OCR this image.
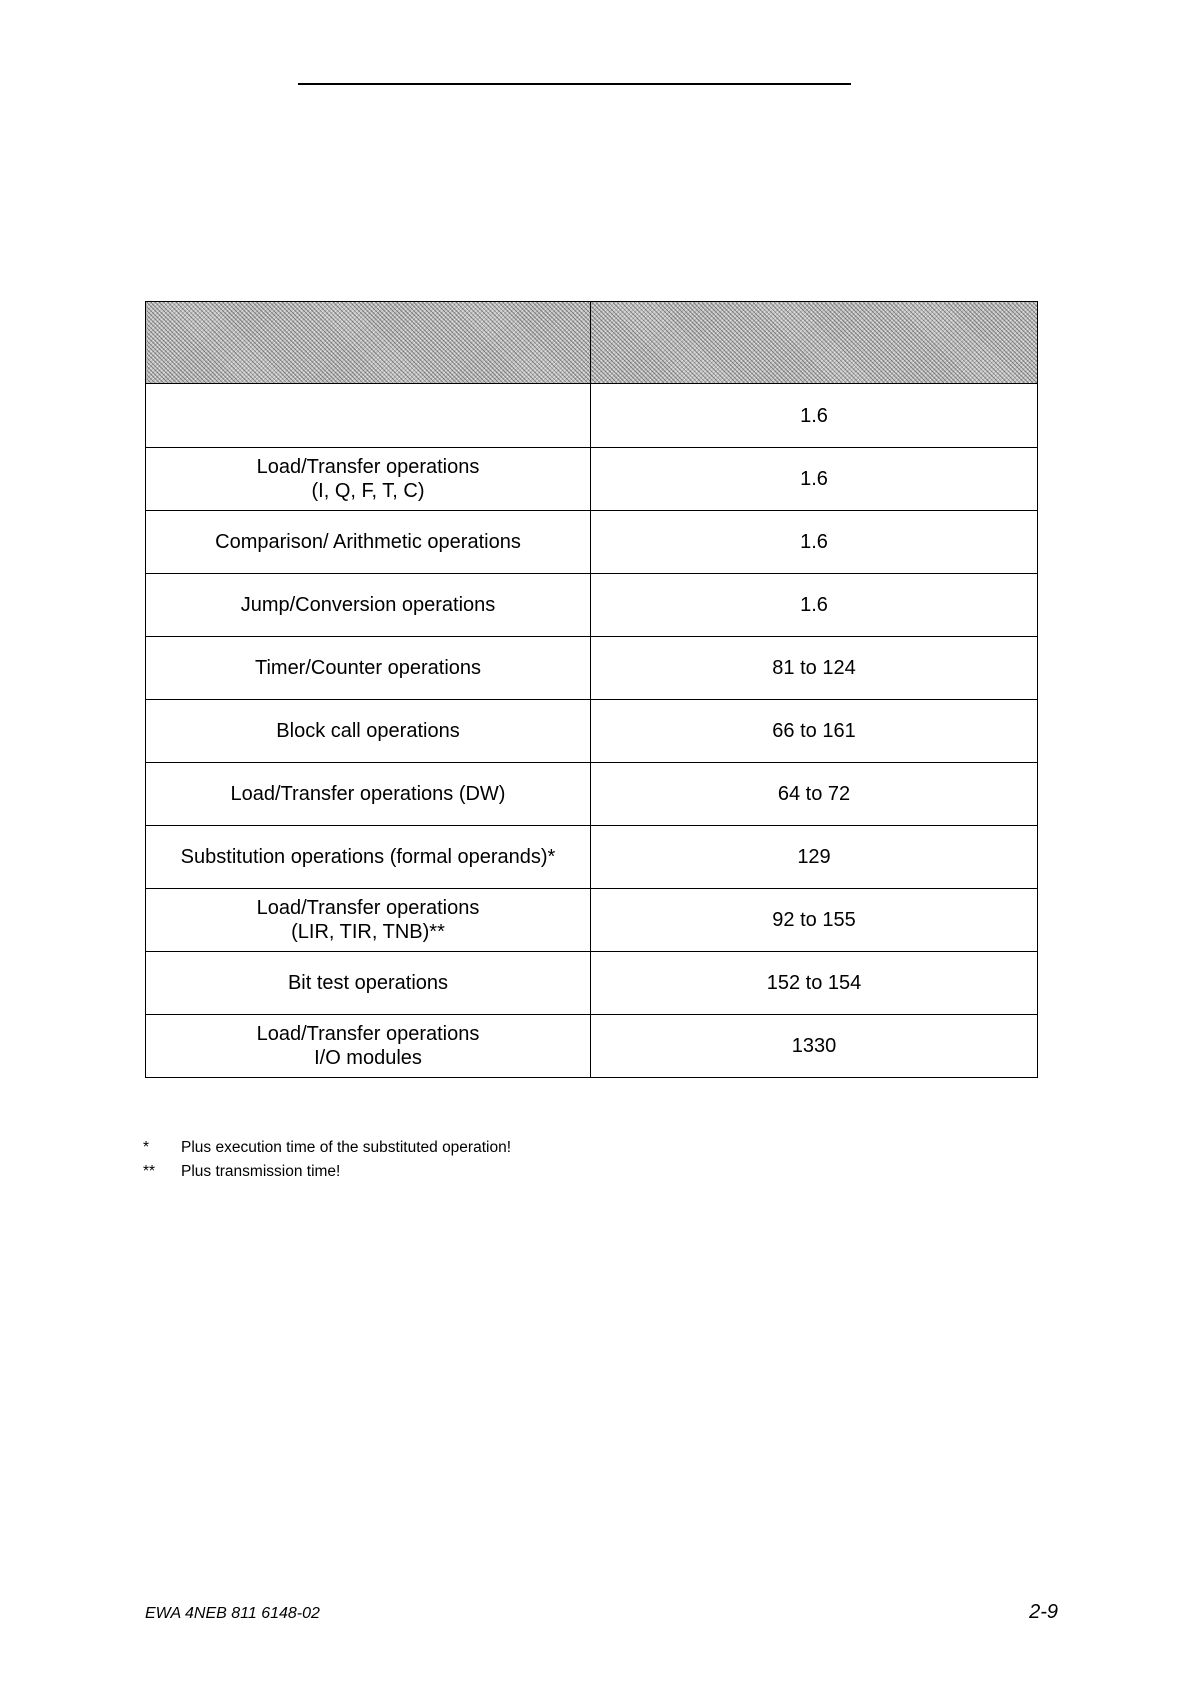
	1.6

Load/Transfer operations
(I, Q, F, T, C)	1.6

Comparison/ Arithmetic operations	1.6

Jump/Conversion operations	1.6

Timer/Counter operations	81 to 124

Block call operations	66 to 161

Load/Transfer operations (DW)	64 to 72

Substitution operations (formal operands)*	129

Load/Transfer operations
(LIR, TIR, TNB)**	92 to 155

Bit test operations	152 to 154

Load/Transfer operations
I/O modules	1330
*	Plus execution time of the substituted operation!
**	Plus transmission time!
EWA 4NEB 811 6148-02	2-9
